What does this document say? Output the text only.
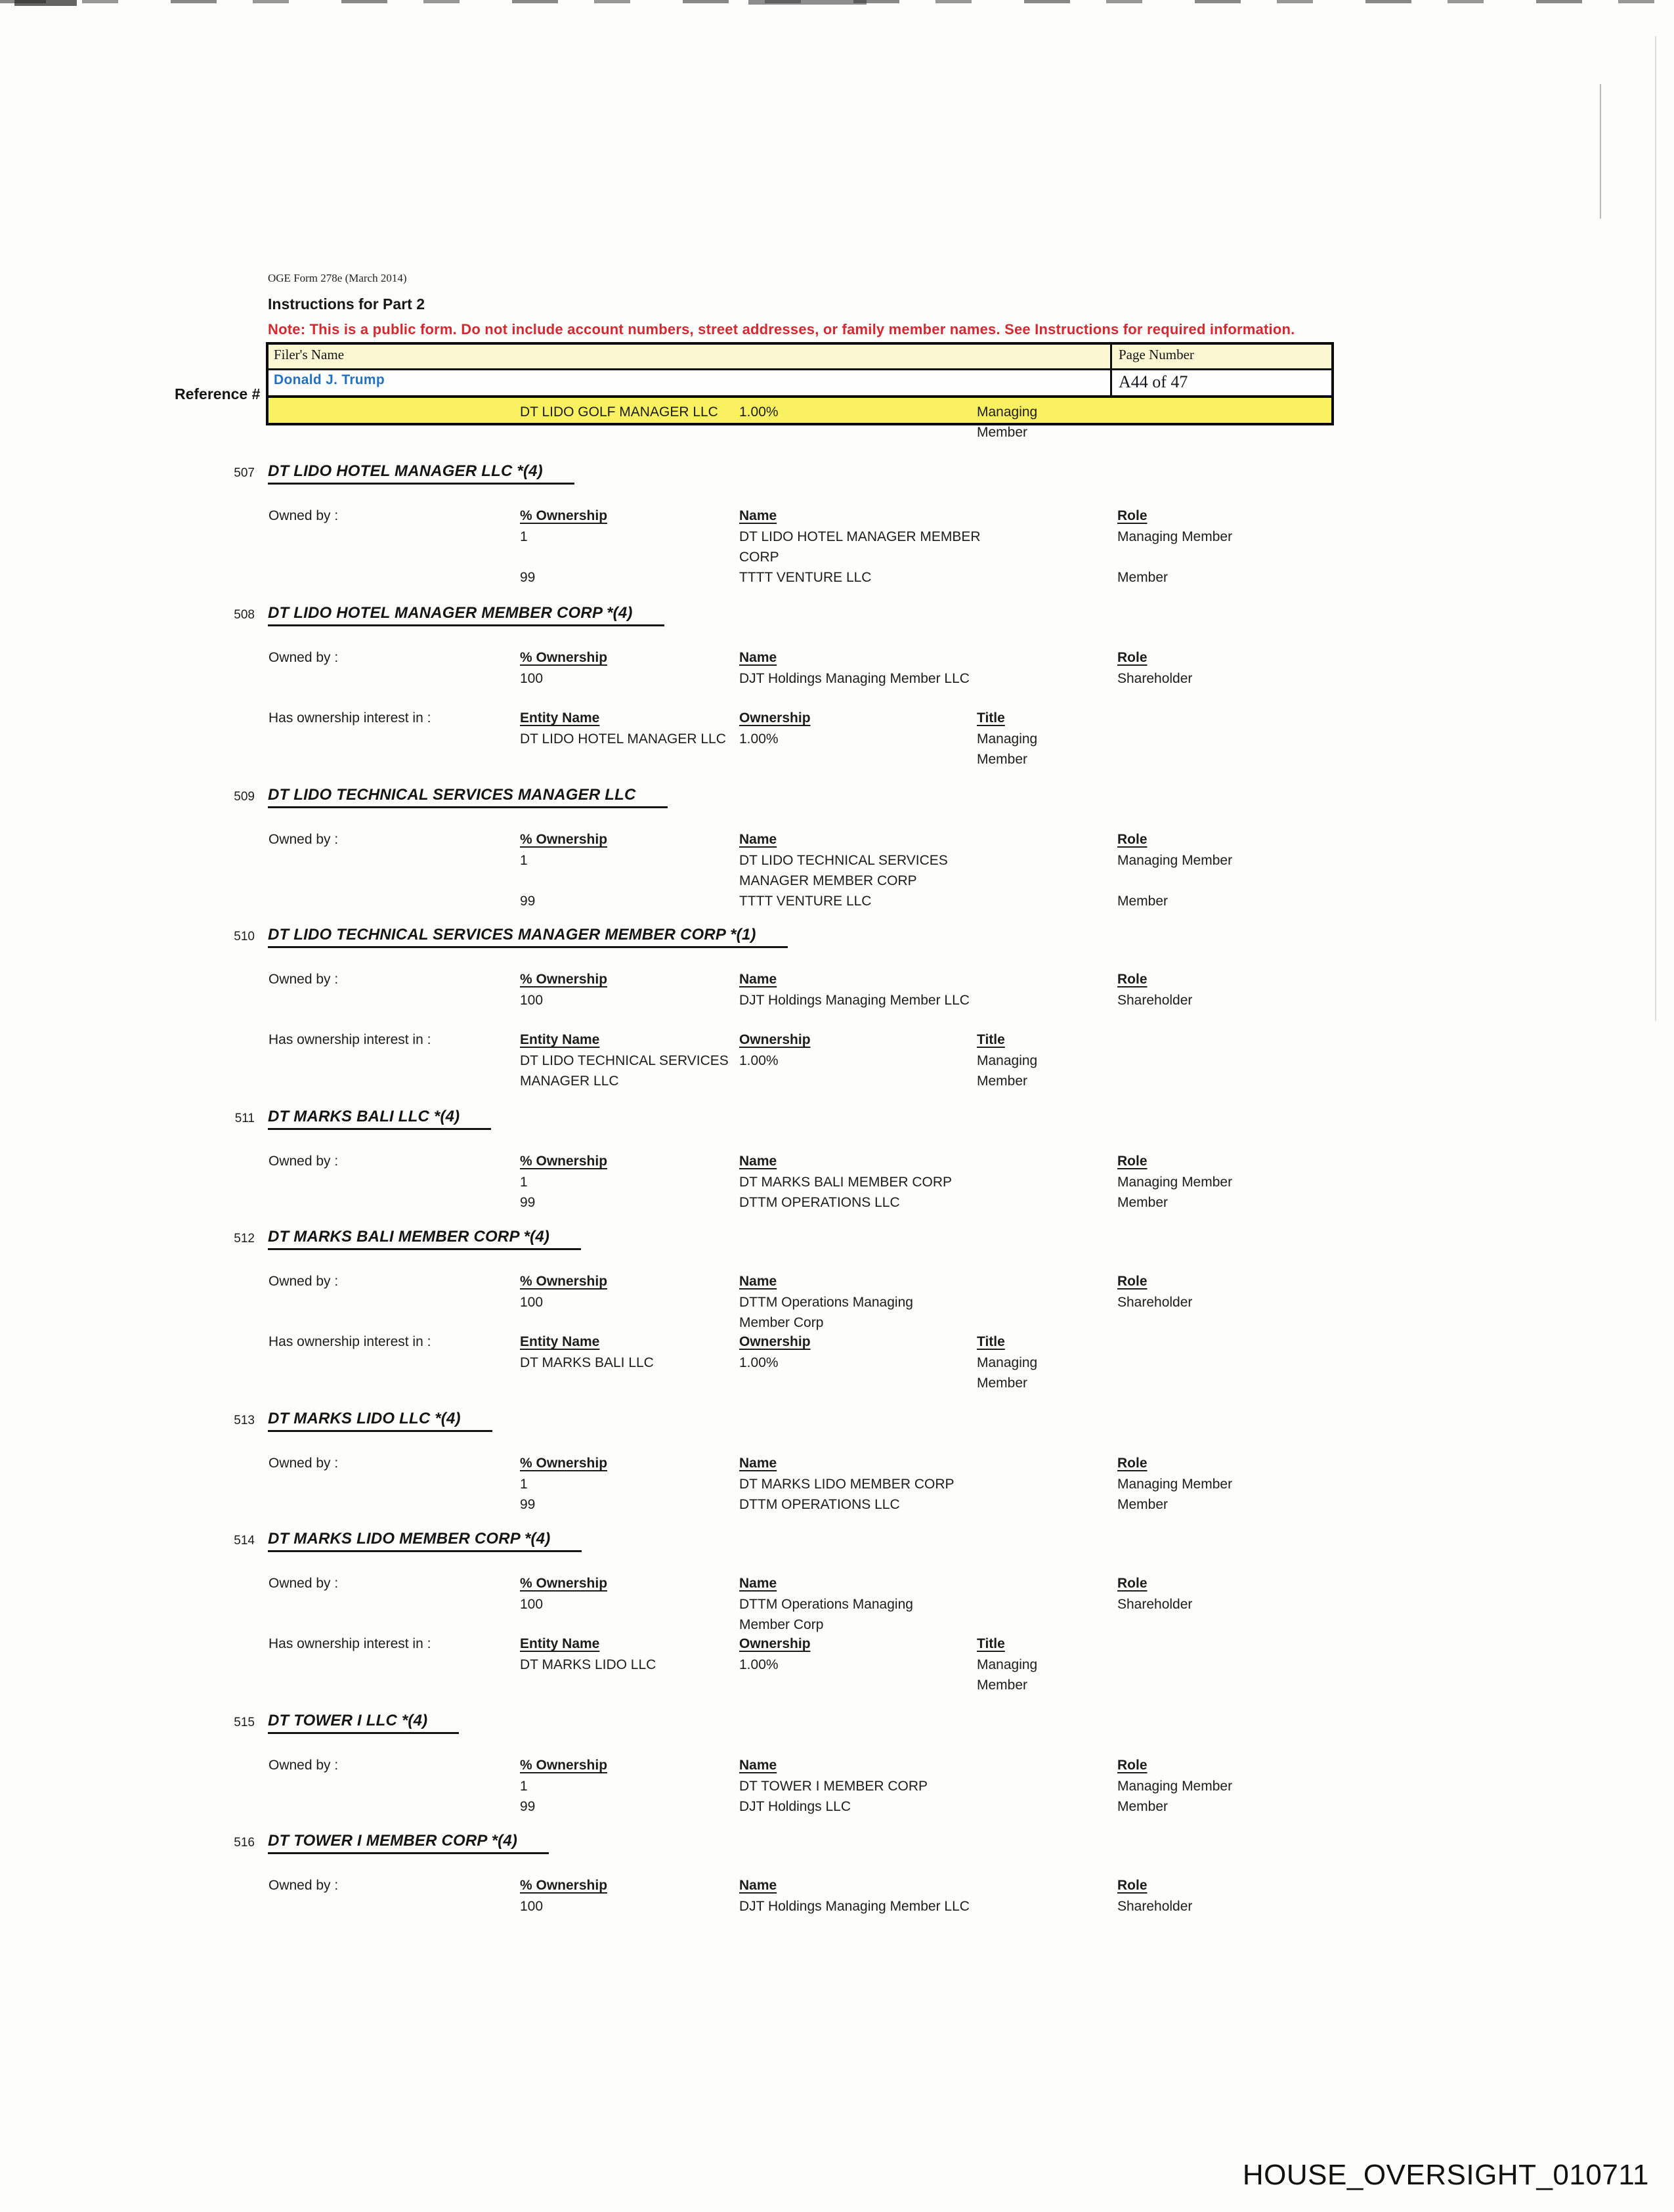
OGE Form 278e (March 2014)
Instructions for Part 2
Note: This is a public form. Do not include account numbers, street addresses, or family member names. See Instructions for required information.
Filer's Name	Page Number
Donald J. Trump	A44 of 47
Reference #
DT LIDO GOLF MANAGER LLC 1.00%	Managing
Member
507 DT LIDO HOTEL MANAGER LLC *(4)
Owned by :	% Ownership	Name	Role
1	DT LIDO HOTEL MANAGER MEMBER	Managing Member
CORP
99	TTTT VENTURE LLC	Member
508 DT LIDO HOTEL MANAGER MEMBER CORP *(4)
Owned by :	% Ownership	Name	Role
100	DJT Holdings Managing Member LLC	Shareholder
Has ownership interest in :	Entity Name	Ownership	Title
DT LIDO HOTEL MANAGER LLC 1.00%	Managing
Member
509 DT LIDO TECHNICAL SERVICES MANAGER LLC
Owned by :	% Ownership	Name	Role
1	DT LIDO TECHNICAL SERVICES	Managing Member
MANAGER MEMBER CORP
99	TTTT VENTURE LLC	Member
510 DT LIDO TECHNICAL SERVICES MANAGER MEMBER CORP *(1)
Owned by :	% Ownership	Name	Role
100	DJT Holdings Managing Member LLC	Shareholder
Has ownership interest in :	Entity Name	Ownership	Title
DT LIDO TECHNICAL SERVICES 1.00%	Managing
MANAGER LLC	Member
511 DT MARKS BALI LLC *(4)
Owned by :	% Ownership	Name	Role
1	DT MARKS BALI MEMBER CORP	Managing Member
99	DTTM OPERATIONS LLC	Member
512 DT MARKS BALI MEMBER CORP *(4)
Owned by :	% Ownership	Name	Role
100	DTTM Operations Managing	Shareholder
Member Corp
Has ownership interest in :	Entity Name	Ownership	Title
DT MARKS BALI LLC	1.00%	Managing
Member
513 DT MARKS LIDO LLC *(4)
Owned by :	% Ownership	Name	Role
1	DT MARKS LIDO MEMBER CORP	Managing Member
99	DTTM OPERATIONS LLC	Member
514 DT MARKS LIDO MEMBER CORP *(4)
Owned by :	% Ownership	Name	Role
100	DTTM Operations Managing	Shareholder
Member Corp
Has ownership interest in :	Entity Name	Ownership	Title
DT MARKS LIDO LLC	1.00%	Managing
Member
515 DT TOWER I LLC *(4)
Owned by :	% Ownership	Name	Role
1	DT TOWER I MEMBER CORP	Managing Member
99	DJT Holdings LLC	Member
516 DT TOWER I MEMBER CORP *(4)
Owned by :	% Ownership	Name	Role
100	DJT Holdings Managing Member LLC	Shareholder
HOUSE_OVERSIGHT_010711
